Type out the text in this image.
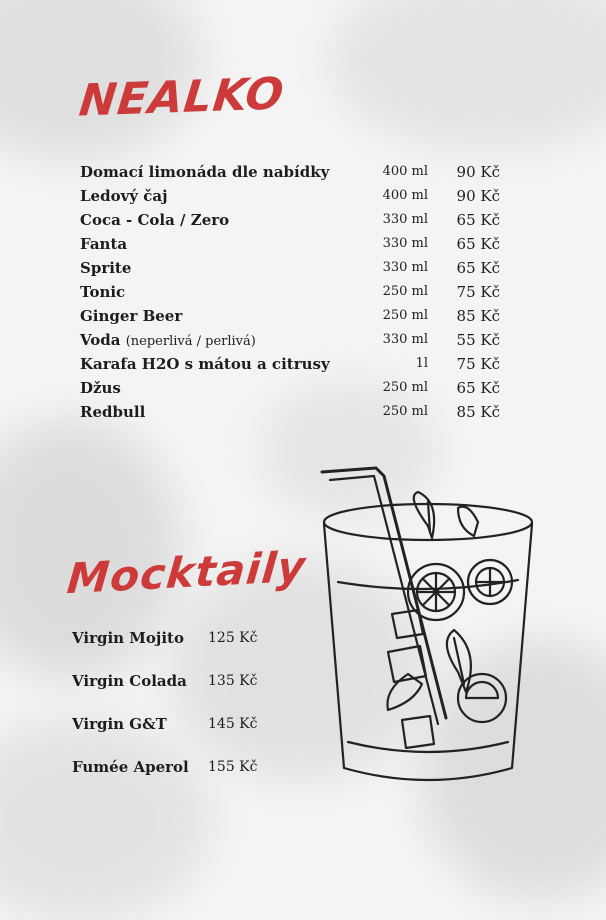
NEALKO
Domací limonáda dle nabídky	400 ml 90 Kč
Ledový čaj	400 ml 90 Kč
Coca - Cola / Zero	330 ml 65 Kč
Fanta	330 ml 65 Kč
Sprite	330 ml 65 Kč
Tonic	250 ml 75 Kč
Ginger Beer	250 ml 85 Kč
Voda (neperlivá / perlivá)	330 ml 55 Kč
Karafa H2O s mátou a citrusy	1l 75 Kč
Džus	250 ml 65 Kč
Redbull	250 ml 85 Kč
Mocktaily
Virgin Mojito 125 Kč
Virgin Colada 135 Kč
Virgin G&T	145 Kč
Fumée Aperol 155 Kč
